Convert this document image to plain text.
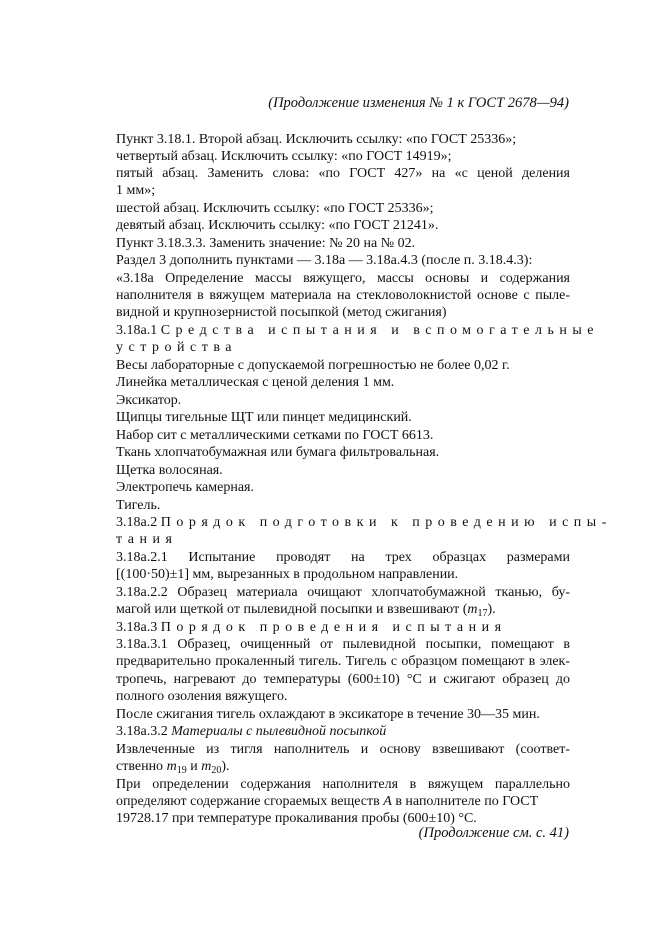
(Продолжение изменения № 1 к ГОСТ 2678—94)
Пункт 3.18.1. Второй абзац. Исключить ссылку: «по ГОСТ 25336»;
четвертый абзац. Исключить ссылку: «по ГОСТ 14919»;
пятый абзац. Заменить слова: «по ГОСТ 427» на «с ценой деления
1 мм»;
шестой абзац. Исключить ссылку: «по ГОСТ 25336»;
девятый абзац. Исключить ссылку: «по ГОСТ 21241».
Пункт 3.18.3.3. Заменить значение: № 20 на № 02.
Раздел 3 дополнить пунктами — 3.18а — 3.18а.4.3 (после п. 3.18.4.3):
«3.18а Определение массы вяжущего, массы основы и содержания
наполнителя в вяжущем материала на стекловолокнистой основе с пыле-
видной и крупнозернистой посыпкой (метод сжигания)
3.18а.1 Средства испытания и вспомогательные
устройства
Весы лабораторные с допускаемой погрешностью не более 0,02 г.
Линейка металлическая с ценой деления 1 мм.
Эксикатор.
Щипцы тигельные ЩТ или пинцет медицинский.
Набор сит с металлическими сетками по ГОСТ 6613.
Ткань хлопчатобумажная или бумага фильтровальная.
Щетка волосяная.
Электропечь камерная.
Тигель.
3.18а.2 Порядок подготовки к проведению испы-
тания
3.18а.2.1 Испытание проводят на трех образцах размерами
[(100·50)±1] мм, вырезанных в продольном направлении.
3.18а.2.2 Образец материала очищают хлопчатобумажной тканью, бу-
магой или щеткой от пылевидной посыпки и взвешивают $(m_{17})$.
3.18а.3 Порядок проведения испытания
3.18а.3.1 Образец, очищенный от пылевидной посыпки, помещают в
предварительно прокаленный тигель. Тигель с образцом помещают в элек-
тропечь, нагревают до температуры (600±10) °С и сжигают образец до
полного озоления вяжущего.
После сжигания тигель охлаждают в эксикаторе в течение 30—35 мин.
3.18а.3.2 Материалы с пылевидной посыпкой
Извлеченные из тигля наполнитель и основу взвешивают (соответ-
ственно $m_{19}$ и $m_{20}$).
При определении содержания наполнителя в вяжущем параллельно
определяют содержание сгораемых веществ А в наполнителе по ГОСТ
19728.17 при температуре прокаливания пробы (600±10) °С.
(Продолжение см. с. 41)
